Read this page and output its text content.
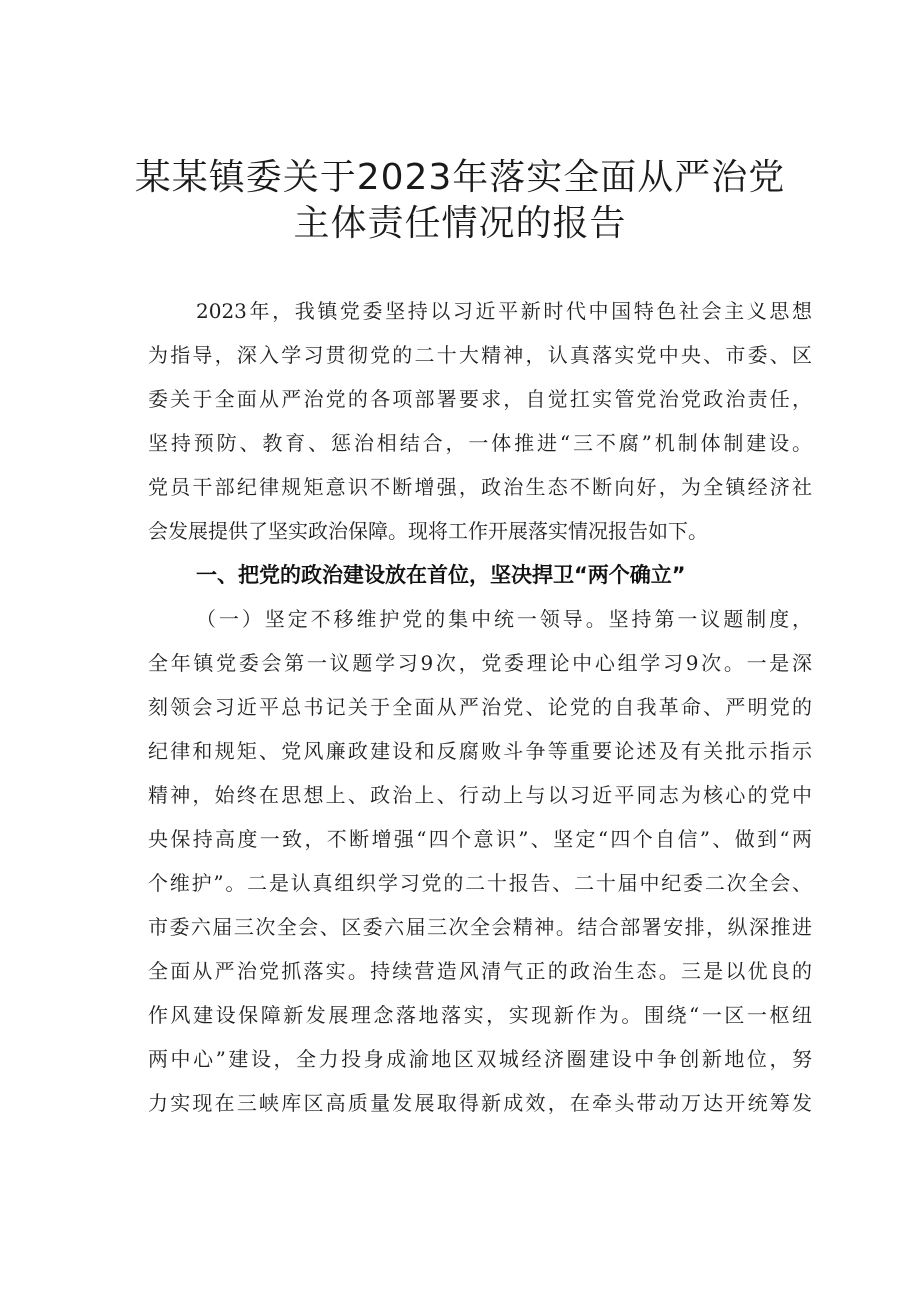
某某镇委关于2023年落实全面从严治党
主体责任情况的报告
2023年，我镇党委坚持以习近平新时代中国特色社会主义思想
为指导，深入学习贯彻党的二十大精神，认真落实党中央、市委、区
委关于全面从严治党的各项部署要求，自觉扛实管党治党政治责任，
坚持预防、教育、惩治相结合，一体推进“三不腐”机制体制建设。
党员干部纪律规矩意识不断增强，政治生态不断向好，为全镇经济社
会发展提供了坚实政治保障。现将工作开展落实情况报告如下。
一、把党的政治建设放在首位，坚决捍卫“两个确立”
（一）坚定不移维护党的集中统一领导。坚持第一议题制度，
全年镇党委会第一议题学习9次，党委理论中心组学习9次。一是深
刻领会习近平总书记关于全面从严治党、论党的自我革命、严明党的
纪律和规矩、党风廉政建设和反腐败斗争等重要论述及有关批示指示
精神，始终在思想上、政治上、行动上与以习近平同志为核心的党中
央保持高度一致，不断增强“四个意识”、坚定“四个自信”、做到“两
个维护”。二是认真组织学习党的二十报告、二十届中纪委二次全会、
市委六届三次全会、区委六届三次全会精神。结合部署安排，纵深推进
全面从严治党抓落实。持续营造风清气正的政治生态。三是以优良的
作风建设保障新发展理念落地落实，实现新作为。围绕“一区一枢纽
两中心”建设，全力投身成渝地区双城经济圈建设中争创新地位，努
力实现在三峡库区高质量发展取得新成效，在牵头带动万达开统筹发
